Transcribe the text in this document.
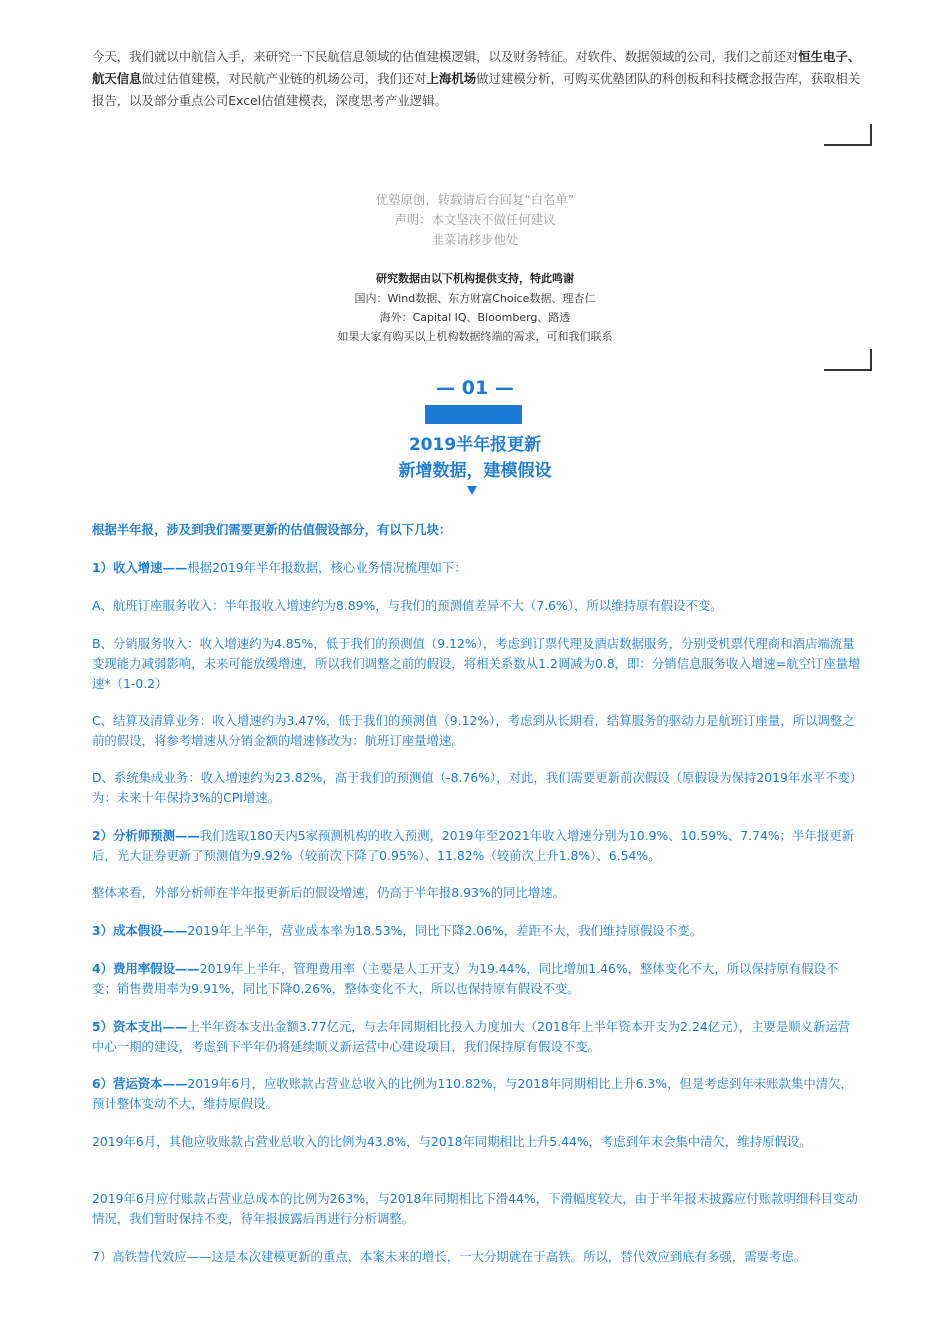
今天，我们就以中航信入手，来研究一下民航信息领域的估值建模逻辑，以及财务特征。对软件、数据领域的公司，我们之前还对恒生电子、航天信息做过估值建模，对民航产业链的机场公司，我们还对上海机场做过建模分析，可购买优塾团队的科创板和科技概念报告库，获取相关报告，以及部分重点公司Excel估值建模表，深度思考产业逻辑。

优塾原创，转载请后台回复“白名单”

声明：本文坚决不做任何建议

韭菜请移步他处

研究数据由以下机构提供支持，特此鸣谢

国内：Wind数据、东方财富Choice数据、理杏仁

海外：Capital IQ、Bloomberg、路透

如果大家有购买以上机构数据终端的需求，可和我们联系

— 01 —

2019半年报更新

新增数据，建模假设

根据半年报，涉及到我们需要更新的估值假设部分，有以下几块：

1）收入增速——根据2019年半年报数据，核心业务情况梳理如下：

A、航班订座服务收入：半年报收入增速约为8.89%，与我们的预测值差异不大（7.6%），所以维持原有假设不变。

B、分销服务收入：收入增速约为4.85%，低于我们的预测值（9.12%），考虑到订票代理及酒店数据服务，分别受机票代理商和酒店端流量变现能力减弱影响，未来可能放缓增速，所以我们调整之前的假设，将相关系数从1.2调减为0.8，即：分销信息服务收入增速=航空订座量增速*（1-0.2）

C、结算及清算业务：收入增速约为3.47%，低于我们的预测值（9.12%），考虑到从长期看，结算服务的驱动力是航班订座量，所以调整之前的假设，将参考增速从分销金额的增速修改为：航班订座量增速。

D、系统集成业务：收入增速约为23.82%，高于我们的预测值（-8.76%），对此，我们需要更新前次假设（原假设为保持2019年水平不变）为：未来十年保持3%的CPI增速。

2）分析师预测——我们选取180天内5家预测机构的收入预测，2019年至2021年收入增速分别为10.9%、10.59%、7.74%；半年报更新后，光大证券更新了预测值为9.92%（较前次下降了0.95%）、11.82%（较前次上升1.8%）、6.54%。

整体来看，外部分析师在半年报更新后的假设增速，仍高于半年报8.93%的同比增速。

3）成本假设——2019年上半年，营业成本率为18.53%，同比下降2.06%，差距不大，我们维持原假设不变。

4）费用率假设——2019年上半年，管理费用率（主要是人工开支）为19.44%，同比增加1.46%，整体变化不大，所以保持原有假设不变；销售费用率为9.91%，同比下降0.26%，整体变化不大，所以也保持原有假设不变。

5）资本支出——上半年资本支出金额3.77亿元，与去年同期相比投入力度加大（2018年上半年资本开支为2.24亿元），主要是顺义新运营中心一期的建设，考虑到下半年仍将延续顺义新运营中心建设项目，我们保持原有假设不变。

6）营运资本——2019年6月，应收账款占营业总收入的比例为110.82%，与2018年同期相比上升6.3%，但是考虑到年末账款集中清欠，预计整体变动不大，维持原假设。

2019年6月，其他应收账款占营业总收入的比例为43.8%，与2018年同期相比上升5.44%，考虑到年末会集中清欠，维持原假设。

2019年6月应付账款占营业总成本的比例为263%，与2018年同期相比下滑44%，下滑幅度较大，由于半年报未披露应付账款明细科目变动情况，我们暂时保持不变，待年报披露后再进行分析调整。

7）高铁替代效应——这是本次建模更新的重点，本案未来的增长，一大分期就在于高铁。所以，替代效应到底有多强，需要考虑。
